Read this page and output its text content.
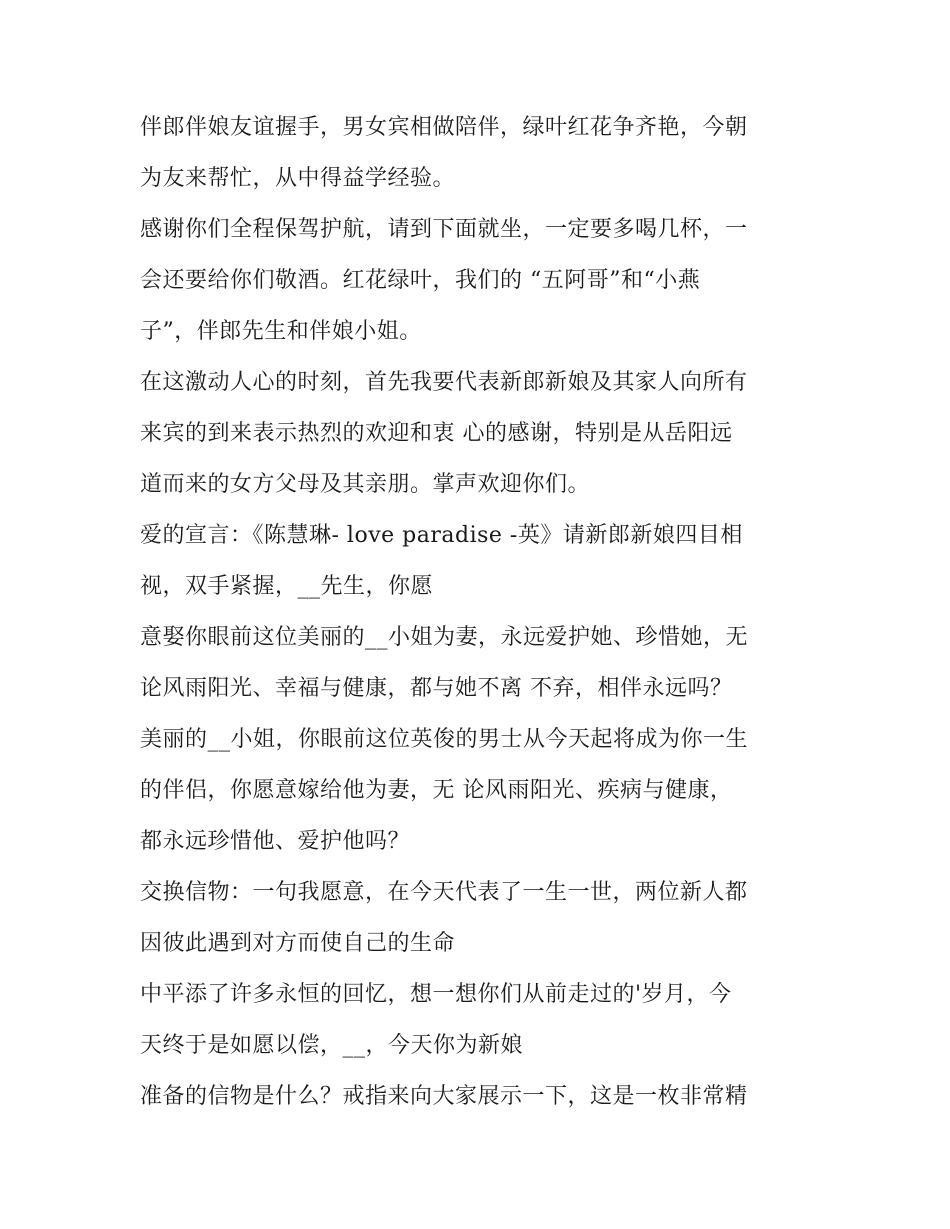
伴郎伴娘友谊握手，男女宾相做陪伴，绿叶红花争齐艳，今朝
为友来帮忙，从中得益学经验。
感谢你们全程保驾护航，请到下面就坐，一定要多喝几杯，一
会还要给你们敬酒。红花绿叶，我们的 “五阿哥”和“小燕
子”，伴郎先生和伴娘小姐。
在这激动人心的时刻，首先我要代表新郎新娘及其家人向所有
来宾的到来表示热烈的欢迎和衷 心的感谢，特别是从岳阳远
道而来的女方父母及其亲朋。掌声欢迎你们。
爱的宣言：《陈慧琳- love paradise -英》请新郎新娘四目相
视，双手紧握，__先生，你愿
意娶你眼前这位美丽的__小姐为妻，永远爱护她、珍惜她，无
论风雨阳光、幸福与健康，都与她不离 不弃，相伴永远吗？
美丽的__小姐，你眼前这位英俊的男士从今天起将成为你一生
的伴侣，你愿意嫁给他为妻，无 论风雨阳光、疾病与健康，
都永远珍惜他、爱护他吗？
交换信物：一句我愿意，在今天代表了一生一世，两位新人都
因彼此遇到对方而使自己的生命
中平添了许多永恒的回忆，想一想你们从前走过的'岁月，今
天终于是如愿以偿，__，今天你为新娘
准备的信物是什么？戒指来向大家展示一下，这是一枚非常精
